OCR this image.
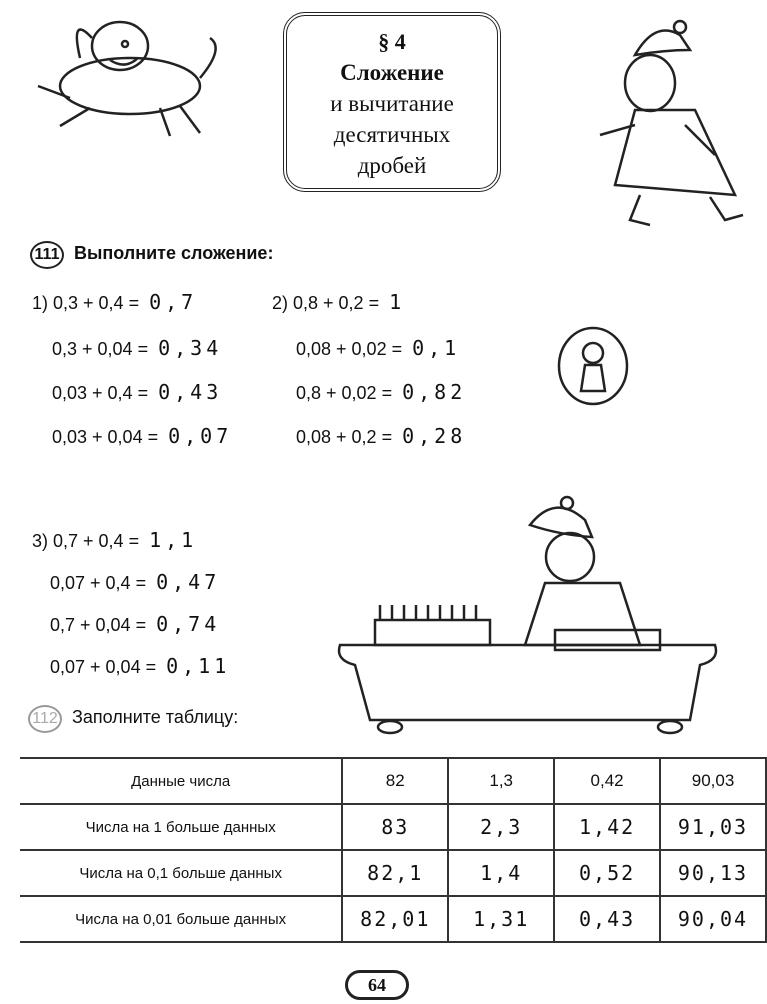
§ 4
Сложение
и вычитание
десятичных
дробей
111 Выполните сложение:
1) 0,3 + 0,4 = 0,7
0,3 + 0,04 = 0,34
0,03 + 0,4 = 0,43
0,03 + 0,04 = 0,07
2) 0,8 + 0,2 = 1
0,08 + 0,02 = 0,1
0,8 + 0,02 = 0,82
0,08 + 0,2 = 0,28
3) 0,7 + 0,4 = 1,1
0,07 + 0,4 = 0,47
0,7 + 0,04 = 0,74
0,07 + 0,04 = 0,11
112 Заполните таблицу:
Данные числа	82	1,3	0,42	90,03
Числа на 1 больше данных	83	2,3	1,42	91,03
Числа на 0,1 больше данных	82,1	1,4	0,52	90,13
Числа на 0,01 больше данных	82,01	1,31	0,43	90,04
64
